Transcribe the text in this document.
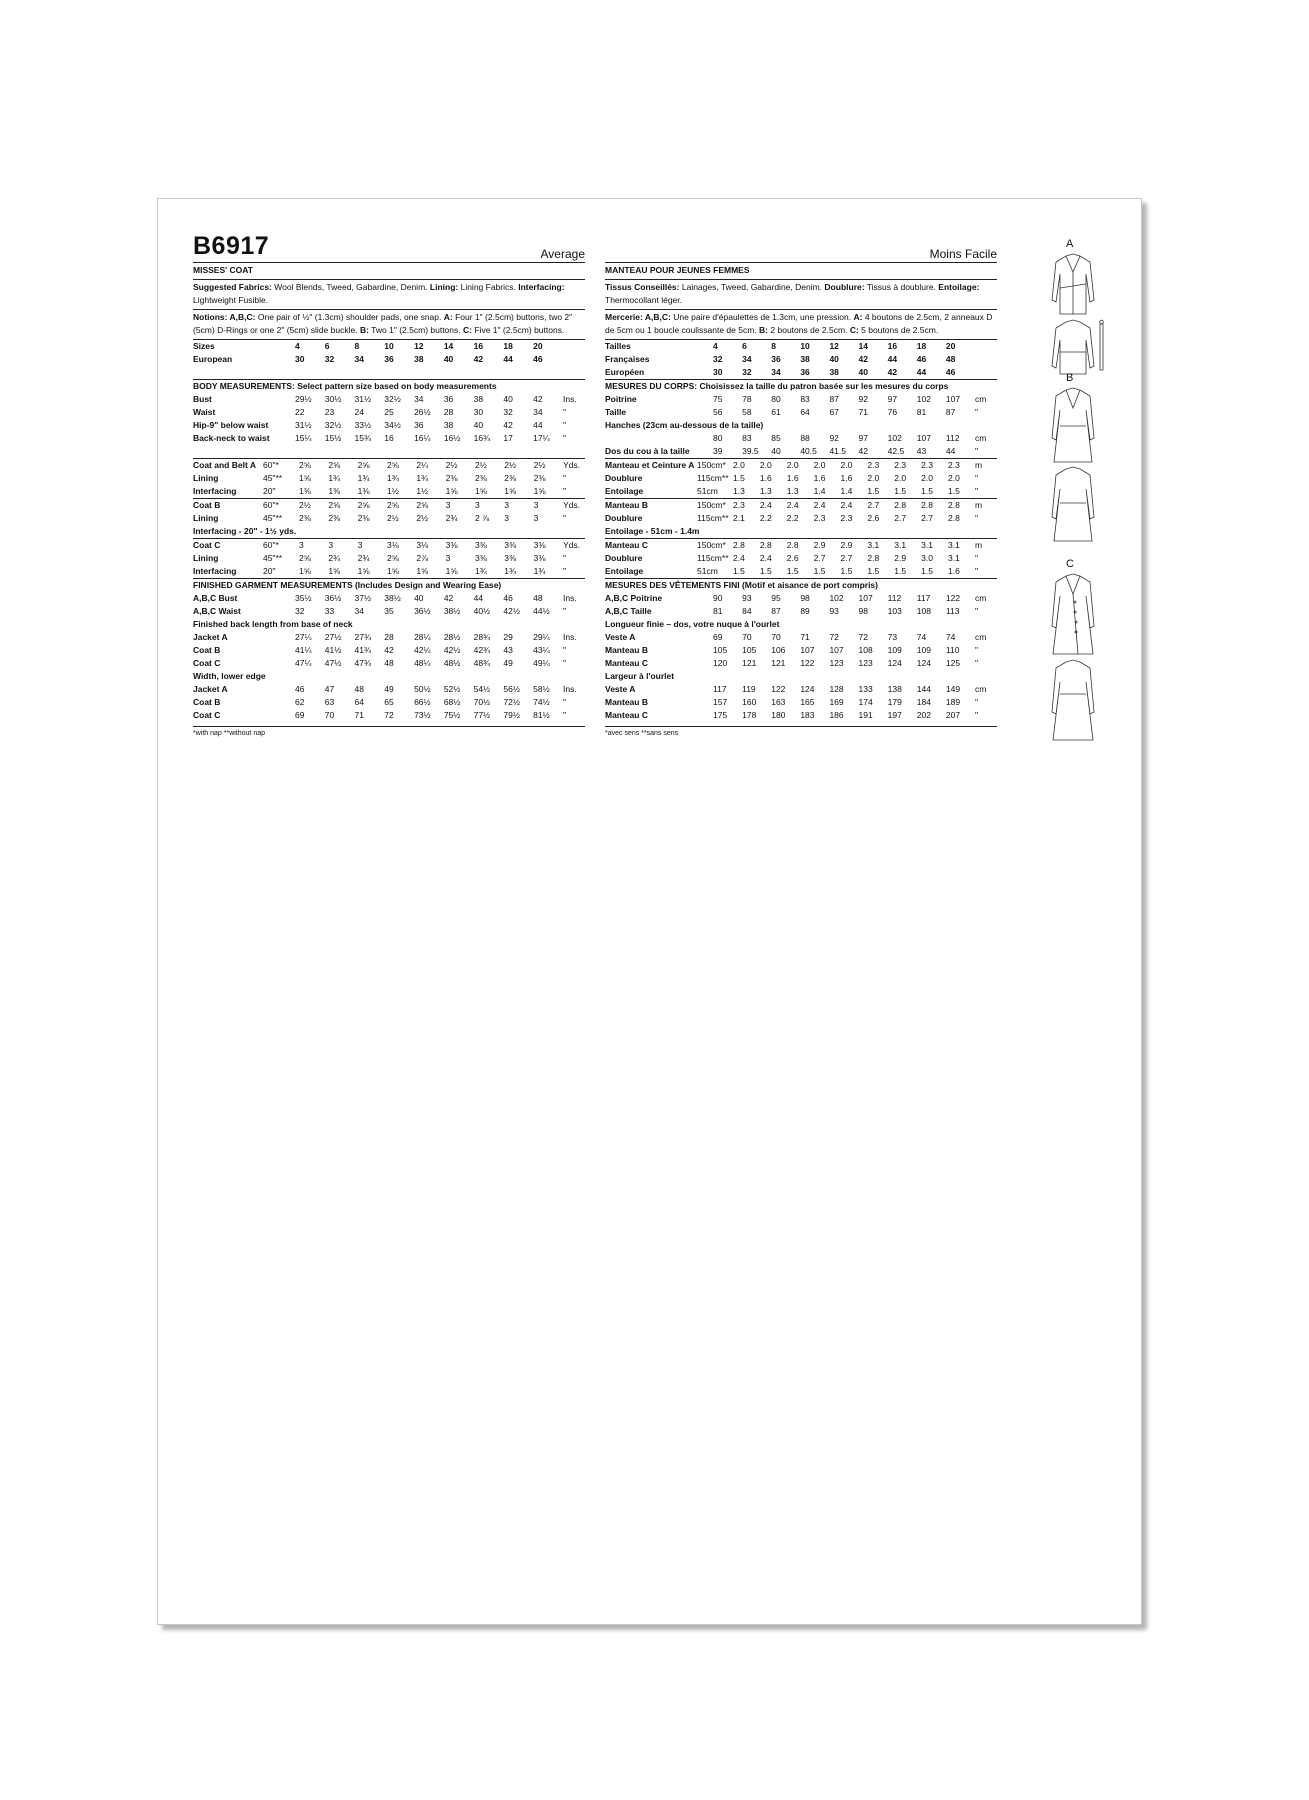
B6917	Average
MISSES' COAT
Suggested Fabrics: Wool Blends, Tweed, Gabardine, Denim. Lining: Lining Fabrics. Interfacing: Lightweight Fusible.
Notions: A,B,C: One pair of ½" (1.3cm) shoulder pads, one snap. A: Four 1" (2.5cm) buttons, two 2" (5cm) D-Rings or one 2" (5cm) slide buckle. B: Two 1" (2.5cm) buttons. C: Five 1" (2.5cm) buttons.
Sizes	4	6	8	10	12	14	16	18	20	
European	30	32	34	36	38	40	42	44	46	
BODY MEASUREMENTS: Select pattern size based on body measurements
Bust	29½	30½	31½	32½	34	36	38	40	42	Ins.
Waist	22	23	24	25	26½	28	30	32	34	"
Hip-9" below waist	31½	32½	33½	34½	36	38	40	42	44	"
Back-neck to waist	15¼	15½	15¾	16	16¼	16½	16¾	17	17¼	"
Coat and Belt A	60"*	2⅝	2⅝	2⅝	2⅝	2¼	2½	2½	2½	2½	Yds.
Lining	45"**	1⅝	1¾	1¾	1¾	1¾	2⅜	2⅜	2⅜	2⅜	"
Interfacing	20"	1⅜	1⅜	1⅜	1½	1½	1⅝	1⅝	1⅝	1⅝	"
Coat B	60"*	2½	2⅝	2⅝	2⅝	2⅝	3	3	3	3	Yds.
Lining	45"**	2⅜	2⅜	2⅜	2½	2½	2¾	2 ⅞	3	3	"
Interfacing - 20" - 1½ yds.
Coat C	60"*	3	3	3	3⅛	3⅛	3⅜	3⅜	3⅜	3⅜	Yds.
Lining	45"**	2⅝	2¾	2¾	2⅝	2⅞	3	3⅜	3⅜	3⅜	"
Interfacing	20"	1⅝	1⅝	1⅝	1⅝	1⅝	1⅝	1¾	1¾	1¾	"
FINISHED GARMENT MEASUREMENTS (Includes Design and Wearing Ease)
A,B,C Bust	35½	36½	37½	38½	40	42	44	46	48	Ins.
A,B,C Waist	32	33	34	35	36½	38½	40½	42½	44½	"
Finished back length from base of neck
Jacket A	27¼	27½	27¾	28	28¼	28½	28¾	29	29¼	Ins.
Coat B	41¼	41½	41¾	42	42¼	42½	42¾	43	43¼	"
Coat C	47¼	47½	47¾	48	48¼	48½	48¾	49	49¼	"
Width, lower edge
Jacket A	46	47	48	49	50½	52½	54½	56½	58½	Ins.
Coat B	62	63	64	65	66½	68½	70½	72½	74½	"
Coat C	69	70	71	72	73½	75½	77½	79½	81½	"
*with nap **without nap
Moins Facile
MANTEAU POUR JEUNES FEMMES
Tissus Conseillés: Lainages, Tweed, Gabardine, Denim. Doublure: Tissus à doublure. Entoilage: Thermocollant léger.
Mercerie: A,B,C: Une paire d'épaulettes de 1.3cm, une pression. A: 4 boutons de 2.5cm, 2 anneaux D de 5cm ou 1 boucle coulissante de 5cm. B: 2 boutons de 2.5cm. C: 5 boutons de 2.5cm.
Tailles	4	6	8	10	12	14	16	18	20	
Françaises	32	34	36	38	40	42	44	46	48	
Européen	30	32	34	36	38	40	42	44	46	
MESURES DU CORPS: Choisissez la taille du patron basée sur les mesures du corps
Poitrine	75	78	80	83	87	92	97	102	107	cm
Taille	56	58	61	64	67	71	76	81	87	"
Hanches (23cm au-dessous de la taille)
	80	83	85	88	92	97	102	107	112	cm
Dos du cou à la taille	39	39.5	40	40.5	41.5	42	42.5	43	44	"
Manteau et Ceinture A	150cm*	2.0	2.0	2.0	2.0	2.0	2.3	2.3	2.3	2.3	m
Doublure	115cm**	1.5	1.6	1.6	1.6	1.6	2.0	2.0	2.0	2.0	"
Entoilage	51cm	1.3	1.3	1.3	1.4	1.4	1.5	1.5	1.5	1.5	"
Manteau B	150cm*	2.3	2.4	2.4	2.4	2.4	2.7	2.8	2.8	2.8	m
Doublure	115cm**	2.1	2.2	2.2	2.3	2.3	2.6	2.7	2.7	2.8	"
Entoilage - 51cm - 1.4m
Manteau C	150cm*	2.8	2.8	2.8	2.9	2.9	3.1	3.1	3.1	3.1	m
Doublure	115cm**	2.4	2.4	2.6	2.7	2.7	2.8	2.9	3.0	3.1	"
Entoilage	51cm	1.5	1.5	1.5	1.5	1.5	1.5	1.5	1.5	1.6	"
MESURES DES VÊTEMENTS FINI (Motif et aisance de port compris)
A,B,C Poitrine	90	93	95	98	102	107	112	117	122	cm
A,B,C Taille	81	84	87	89	93	98	103	108	113	"
Longueur finie – dos, votre nuque à l'ourlet
Veste A	69	70	70	71	72	72	73	74	74	cm
Manteau B	105	105	106	107	107	108	109	109	110	"
Manteau C	120	121	121	122	123	123	124	124	125	"
Largeur à l'ourlet
Veste A	117	119	122	124	128	133	138	144	149	cm
Manteau B	157	160	163	165	169	174	179	184	189	"
Manteau C	175	178	180	183	186	191	197	202	207	"
*avec sens **sans sens
A
B
C
